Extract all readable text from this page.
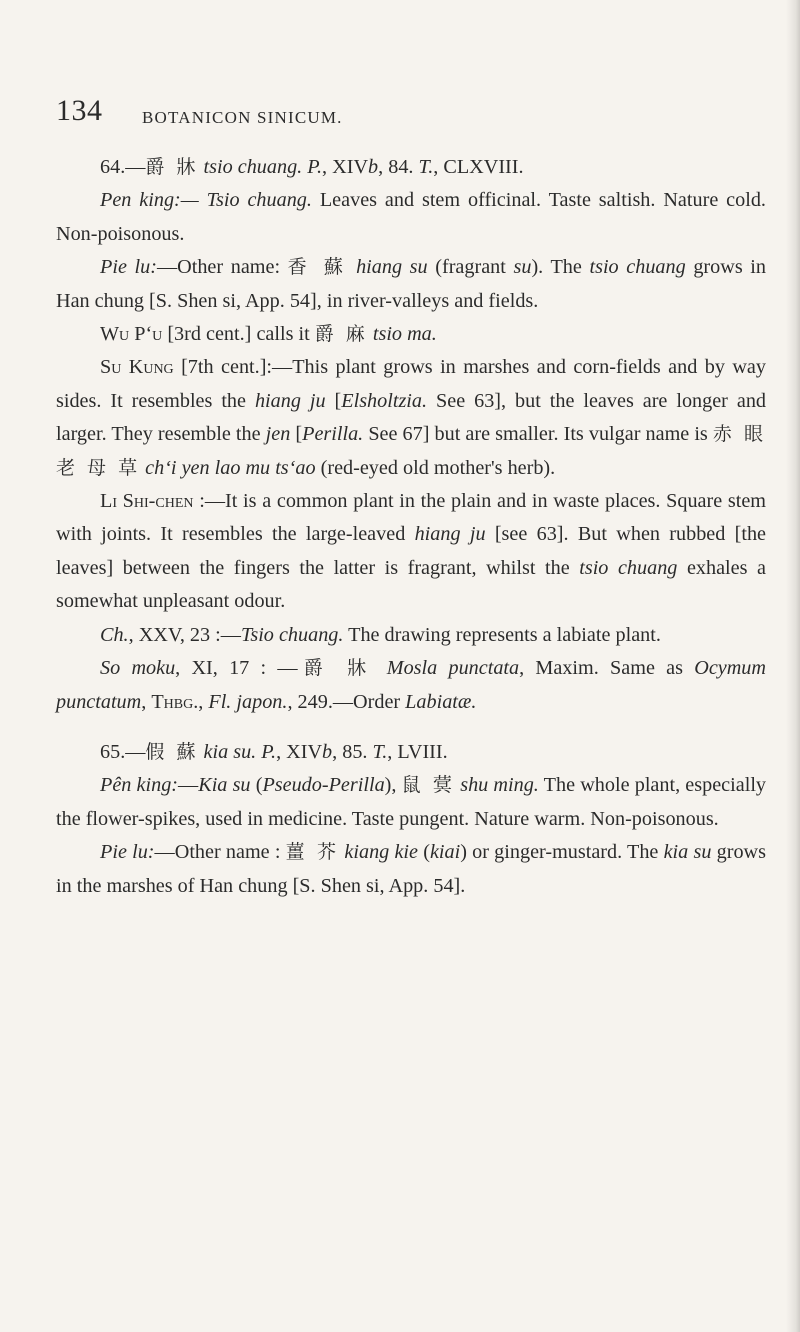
134 BOTANICON SINICUM.

64.—爵 牀 tsio chuang. P., XIVb, 84. T., CLXVIII.

Pen king:— Tsio chuang. Leaves and stem officinal. Taste saltish. Nature cold. Non-poisonous.

Pie lu:—Other name: 香 蘇 hiang su (fragrant su). The tsio chuang grows in Han chung [S. Shen si, App. 54], in river-valleys and fields.

Wu P‘u [3rd cent.] calls it 爵 麻 tsio ma.

Su Kung [7th cent.]:—This plant grows in marshes and corn-fields and by way sides. It resembles the hiang ju [Elsholtzia. See 63], but the leaves are longer and larger. They resemble the jen [Perilla. See 67] but are smaller. Its vulgar name is 赤 眼 老 母 草 ch‘i yen lao mu ts‘ao (red-eyed old mother's herb).

Li Shi-chen :—It is a common plant in the plain and in waste places. Square stem with joints. It resembles the large-leaved hiang ju [see 63]. But when rubbed [the leaves] between the fingers the latter is fragrant, whilst the tsio chuang exhales a somewhat unpleasant odour.

Ch., XXV, 23 :—Tsio chuang. The drawing represents a labiate plant.

So moku, XI, 17 : —爵 牀 Mosla punctata, Maxim. Same as Ocymum punctatum, Thbg., Fl. japon., 249.—Order Labiatæ.

65.—假 蘇 kia su. P., XIVb, 85. T., LVIII.

Pên king:—Kia su (Pseudo-Perilla), 鼠 蓂 shu ming. The whole plant, especially the flower-spikes, used in medicine. Taste pungent. Nature warm. Non-poisonous.

Pie lu:—Other name : 薑 芥 kiang kie (kiai) or ginger-mustard. The kia su grows in the marshes of Han chung [S. Shen si, App. 54].
